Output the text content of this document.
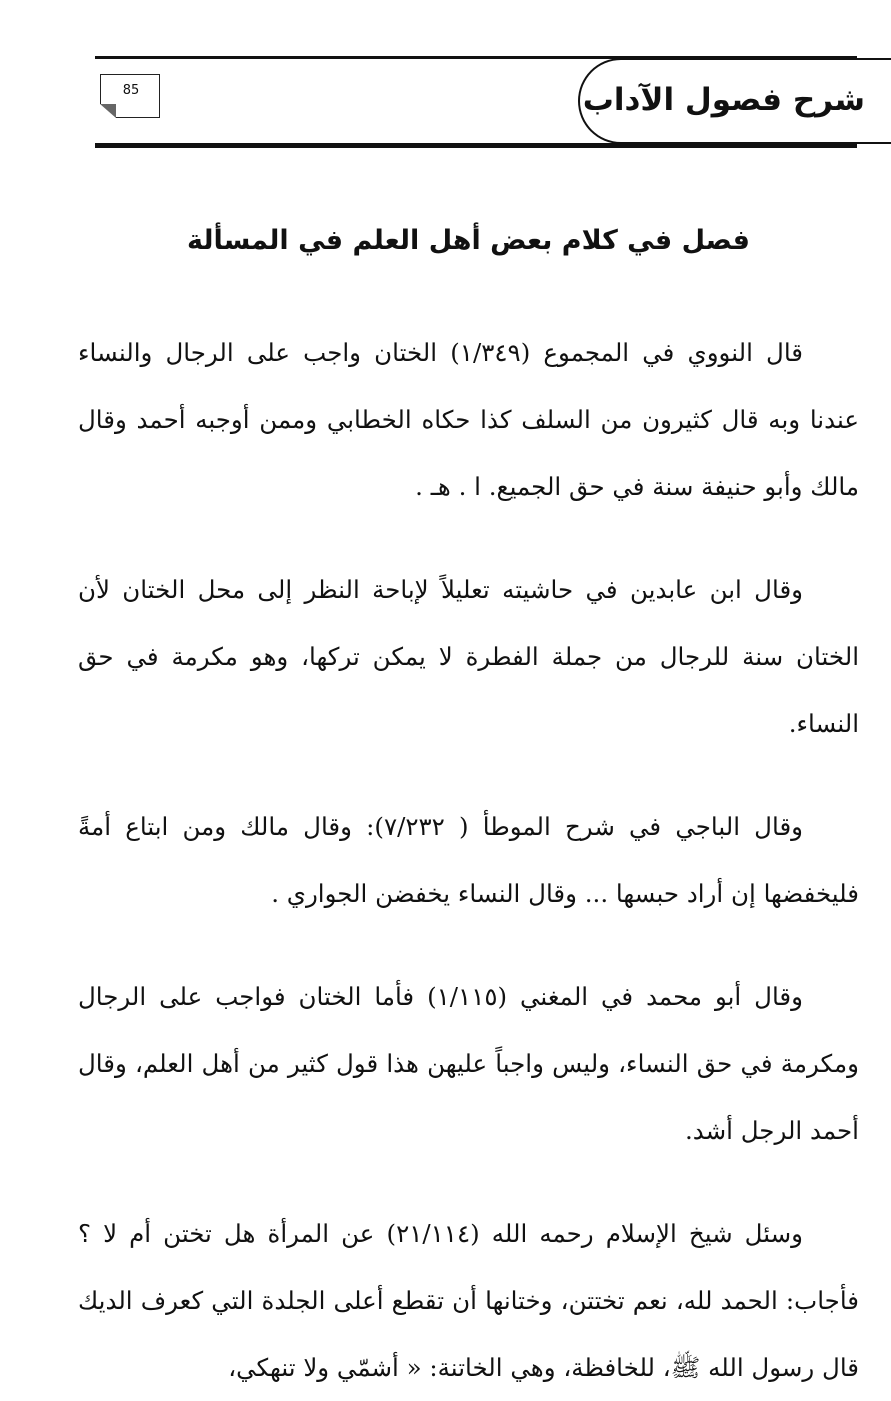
شرح فصول الآداب
85
فصل في كلام بعض أهل العلم في المسألة

قال النووي في المجموع (١/٣٤٩) الختان واجب على الرجال والنساء عندنا وبه قال كثيرون من السلف كذا حكاه الخطابي وممن أوجبه أحمد وقال مالك وأبو حنيفة سنة في حق الجميع. ا . هـ .

وقال ابن عابدين في حاشيته تعليلاً لإباحة النظر إلى محل الختان لأن الختان سنة للرجال من جملة الفطرة لا يمكن تركها، وهو مكرمة في حق النساء.

وقال الباجي في شرح الموطأ ( ٧/٢٣٢): وقال مالك ومن ابتاع أمةً فليخفضها إن أراد حبسها ... وقال النساء يخفضن الجواري .

وقال أبو محمد في المغني (١/١١٥) فأما الختان فواجب على الرجال ومكرمة في حق النساء، وليس واجباً عليهن هذا قول كثير من أهل العلم، وقال أحمد الرجل أشد.

وسئل شيخ الإسلام رحمه الله (٢١/١١٤) عن المرأة هل تختن أم لا ؟ فأجاب: الحمد لله، نعم تختتن، وختانها أن تقطع أعلى الجلدة التي كعرف الديك قال رسول الله ﷺ، للخافظة، وهي الخاتنة: « أشمّي ولا تنهكي،
